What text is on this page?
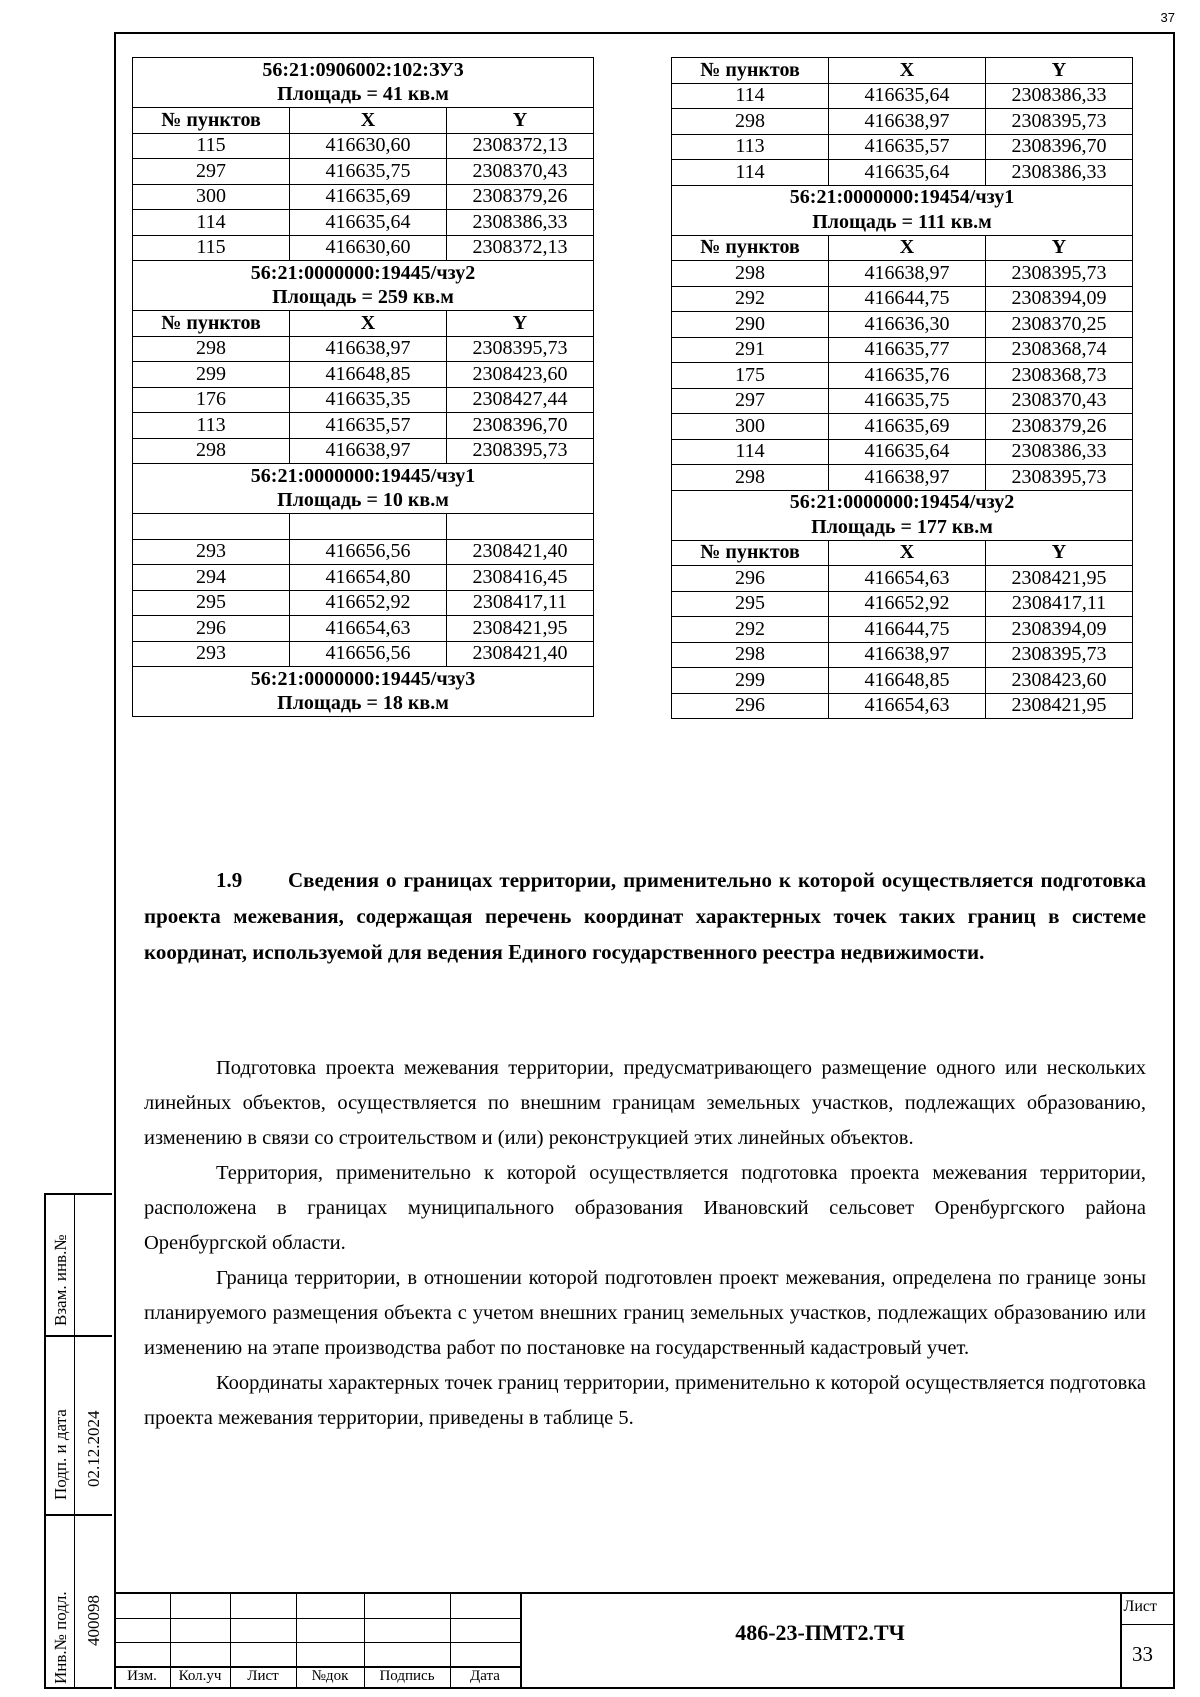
37
56:21:0906002:102:ЗУ3		
Площадь = 41 кв.м		
№ пунктов	X	Y
115	416630,60	2308372,13
297	416635,75	2308370,43
300	416635,69	2308379,26
114	416635,64	2308386,33
115	416630,60	2308372,13
56:21:0000000:19445/чзу2		
Площадь = 259 кв.м		
№ пунктов	X	Y
298	416638,97	2308395,73
299	416648,85	2308423,60
176	416635,35	2308427,44
113	416635,57	2308396,70
298	416638,97	2308395,73
56:21:0000000:19445/чзу1		
Площадь = 10 кв.м		

293	416656,56	2308421,40
294	416654,80	2308416,45
295	416652,92	2308417,11
296	416654,63	2308421,95
293	416656,56	2308421,40
56:21:0000000:19445/чзу3		
Площадь = 18 кв.м		
№ пунктов	X	Y
114	416635,64	2308386,33
298	416638,97	2308395,73
113	416635,57	2308396,70
114	416635,64	2308386,33
56:21:0000000:19454/чзу1		
Площадь = 111 кв.м		
№ пунктов	X	Y
298	416638,97	2308395,73
292	416644,75	2308394,09
290	416636,30	2308370,25
291	416635,77	2308368,74
175	416635,76	2308368,73
297	416635,75	2308370,43
300	416635,69	2308379,26
114	416635,64	2308386,33
298	416638,97	2308395,73
56:21:0000000:19454/чзу2		
Площадь = 177 кв.м		
№ пунктов	X	Y
296	416654,63	2308421,95
295	416652,92	2308417,11
292	416644,75	2308394,09
298	416638,97	2308395,73
299	416648,85	2308423,60
296	416654,63	2308421,95
1.9 Сведения о границах территории, применительно к которой осуществляется подготовка проекта межевания, содержащая перечень координат характерных точек таких границ в системе координат, используемой для ведения Единого государственного реестра недвижимости.

Подготовка проекта межевания территории, предусматривающего размещение одного или нескольких линейных объектов, осуществляется по внешним границам земельных участков, подлежащих образованию, изменению в связи со строительством и (или) реконструкцией этих линейных объектов.

Территория, применительно к которой осуществляется подготовка проекта межевания территории, расположена в границах муниципального образования Ивановский сельсовет Оренбургского района Оренбургской области.

Граница территории, в отношении которой подготовлен проект межевания, определена по границе зоны планируемого размещения объекта с учетом внешних границ земельных участков, подлежащих образованию или изменению на этапе производства работ по постановке на государственный кадастровый учет.

Координаты характерных точек границ территории, применительно к которой осуществляется подготовка проекта межевания территории, приведены в таблице 5.

Взам. инв.№
Подп. и дата 02.12.2024
Инв.№ подл. 400098
Изм.	Кол.уч	Лист	№док	Подпись	Дата
486-23-ПМТ2.ТЧ
Лист
33
